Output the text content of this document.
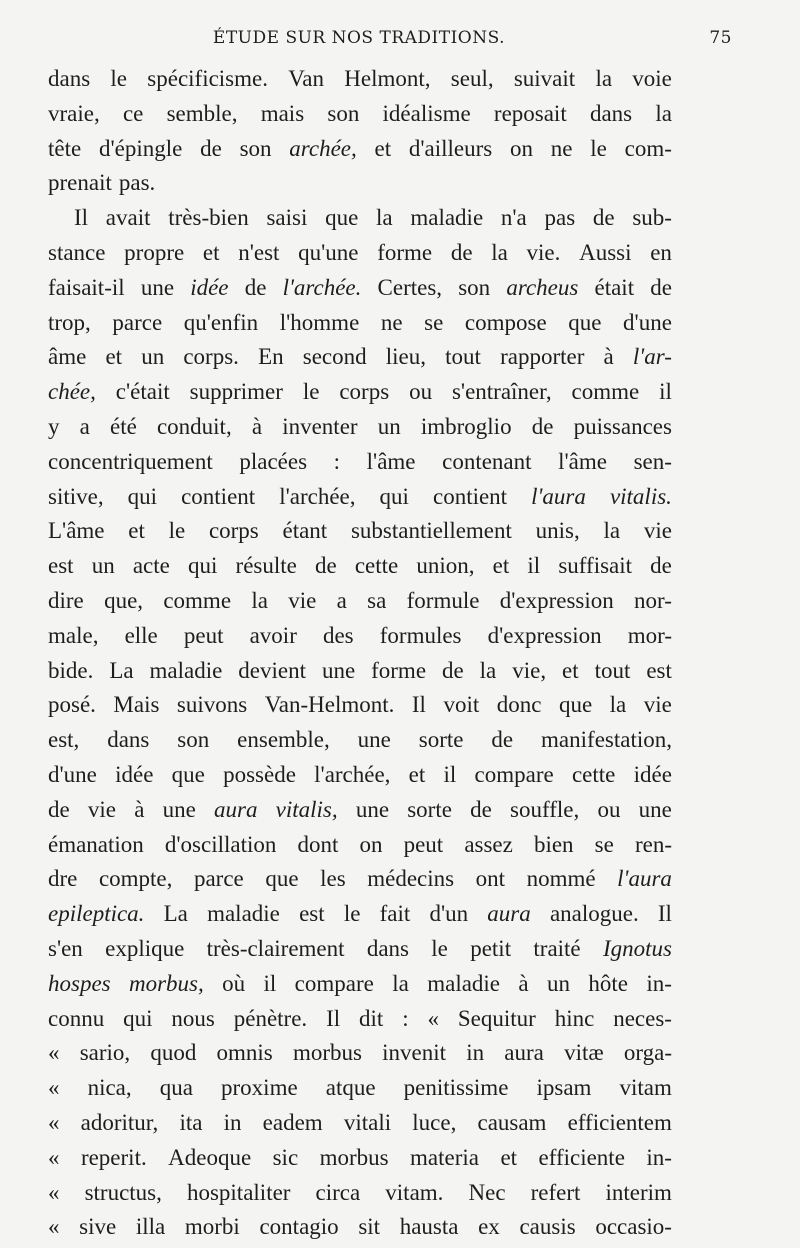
ÉTUDE SUR NOS TRADITIONS.	75
dans le spécificisme. Van Helmont, seul, suivait la voie
vraie, ce semble, mais son idéalisme reposait dans la
tête d'épingle de son archée, et d'ailleurs on ne le com-
prenait pas.
Il avait très-bien saisi que la maladie n'a pas de sub-
stance propre et n'est qu'une forme de la vie. Aussi en
faisait-il une idée de l'archée. Certes, son archeus était de
trop, parce qu'enfin l'homme ne se compose que d'une
âme et un corps. En second lieu, tout rapporter à l'ar-
chée, c'était supprimer le corps ou s'entraîner, comme il
y a été conduit, à inventer un imbroglio de puissances
concentriquement placées : l'âme contenant l'âme sen-
sitive, qui contient l'archée, qui contient l'aura vitalis.
L'âme et le corps étant substantiellement unis, la vie
est un acte qui résulte de cette union, et il suffisait de
dire que, comme la vie a sa formule d'expression nor-
male, elle peut avoir des formules d'expression mor-
bide. La maladie devient une forme de la vie, et tout est
posé. Mais suivons Van-Helmont. Il voit donc que la vie
est, dans son ensemble, une sorte de manifestation,
d'une idée que possède l'archée, et il compare cette idée
de vie à une aura vitalis, une sorte de souffle, ou une
émanation d'oscillation dont on peut assez bien se ren-
dre compte, parce que les médecins ont nommé l'aura
epileptica. La maladie est le fait d'un aura analogue. Il
s'en explique très-clairement dans le petit traité Ignotus
hospes morbus, où il compare la maladie à un hôte in-
connu qui nous pénètre. Il dit : « Sequitur hinc neces-
« sario, quod omnis morbus invenit in aura vitæ orga-
« nica, qua proxime atque penitissime ipsam vitam
« adoritur, ita in eadem vitali luce, causam efficientem
« reperit. Adeoque sic morbus materia et efficiente in-
« structus, hospitaliter circa vitam. Nec refert interim
« sive illa morbi contagio sit hausta ex causis occasio-
